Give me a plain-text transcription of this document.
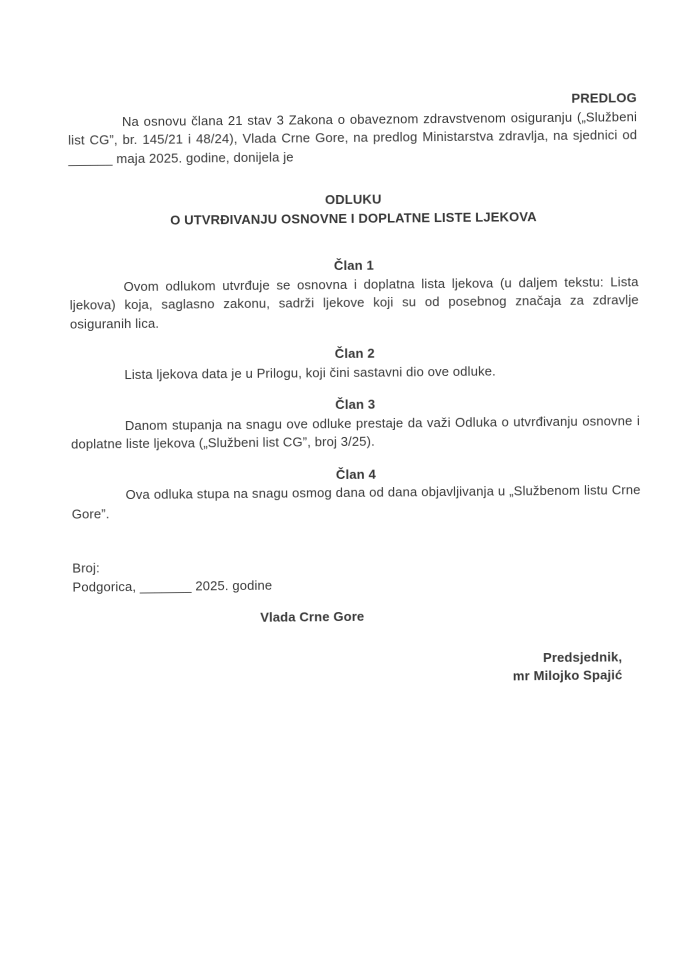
PREDLOG

Na osnovu člana 21 stav 3 Zakona o obaveznom zdravstvenom osiguranju („Službeni list CG”, br. 145/21 i 48/24), Vlada Crne Gore, na predlog Ministarstva zdravlja, na sjednici od ______ maja 2025. godine, donijela je

ODLUKU
O UTVRĐIVANJU OSNOVNE I DOPLATNE LISTE LJEKOVA
Član 1

Ovom odlukom utvrđuje se osnovna i doplatna lista ljekova (u daljem tekstu: Lista ljekova) koja, saglasno zakonu, sadrži ljekove koji su od posebnog značaja za zdravlje osiguranih lica.

Član 2

Lista ljekova data je u Prilogu, koji čini sastavni dio ove odluke.

Član 3

Danom stupanja na snagu ove odluke prestaje da važi Odluka o utvrđivanju osnovne i doplatne liste ljekova („Službeni list CG”, broj 3/25).

Član 4

Ova odluka stupa na snagu osmog dana od dana objavljivanja u „Službenom listu Crne Gore”.

Broj:
Podgorica, _______ 2025. godine
Vlada Crne Gore
Predsjednik,
mr Milojko Spajić
